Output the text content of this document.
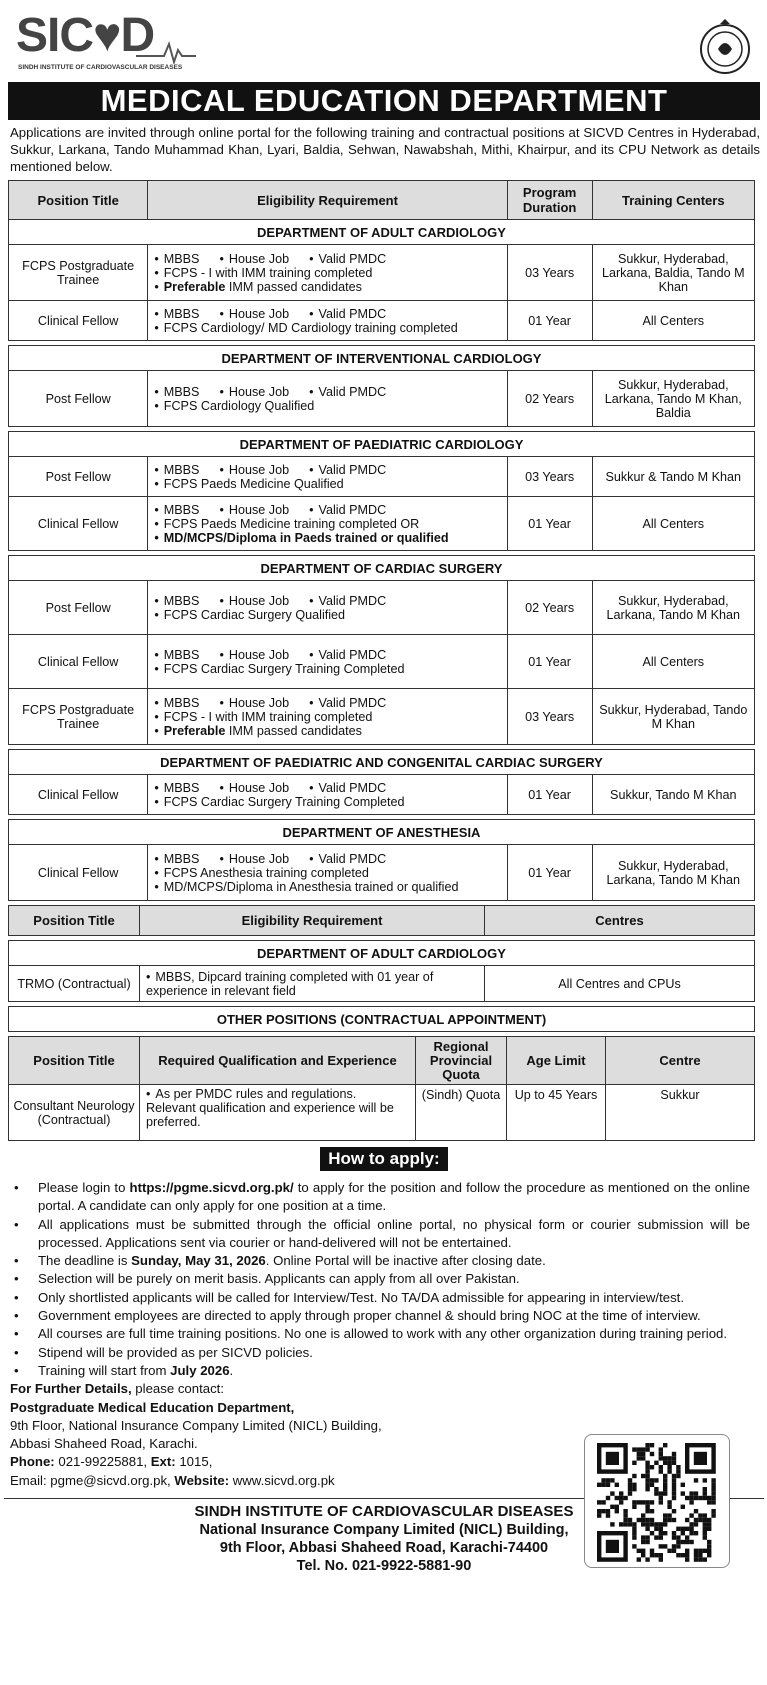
SIC♥D
SINDH INSTITUTE OF CARDIOVASCULAR DISEASES
MEDICAL EDUCATION DEPARTMENT
Applications are invited through online portal for the following training and contractual positions at SICVD Centres in Hyderabad, Sukkur, Larkana, Tando Muhammad Khan, Lyari, Baldia, Sehwan, Nawabshah, Mithi, Khairpur, and its CPU Network as details mentioned below.
Position Title	Eligibility Requirement	Program Duration	Training Centers
DEPARTMENT OF ADULT CARDIOLOGY			
FCPS Postgraduate Trainee	• MBBS • House Job • Valid PMDC
• FCPS - I with IMM training completed
• Preferable IMM passed candidates	03 Years	Sukkur, Hyderabad, Larkana, Baldia, Tando M Khan
Clinical Fellow	• MBBS • House Job • Valid PMDC
• FCPS Cardiology/ MD Cardiology training completed	01 Year	All Centers

DEPARTMENT OF INTERVENTIONAL CARDIOLOGY			
Post Fellow	• MBBS • House Job • Valid PMDC
• FCPS Cardiology Qualified	02 Years	Sukkur, Hyderabad, Larkana, Tando M Khan, Baldia

DEPARTMENT OF PAEDIATRIC CARDIOLOGY			
Post Fellow	• MBBS • House Job • Valid PMDC
• FCPS Paeds Medicine Qualified	03 Years	Sukkur & Tando M Khan
Clinical Fellow	• MBBS • House Job • Valid PMDC
• FCPS Paeds Medicine training completed OR
• MD/MCPS/Diploma in Paeds trained or qualified	01 Year	All Centers

DEPARTMENT OF CARDIAC SURGERY			
Post Fellow	• MBBS • House Job • Valid PMDC
• FCPS Cardiac Surgery Qualified	02 Years	Sukkur, Hyderabad, Larkana, Tando M Khan
Clinical Fellow	• MBBS • House Job • Valid PMDC
• FCPS Cardiac Surgery Training Completed	01 Year	All Centers
FCPS Postgraduate Trainee	• MBBS • House Job • Valid PMDC
• FCPS - I with IMM training completed
• Preferable IMM passed candidates	03 Years	Sukkur, Hyderabad, Tando M Khan

DEPARTMENT OF PAEDIATRIC AND CONGENITAL CARDIAC SURGERY			
Clinical Fellow	• MBBS • House Job • Valid PMDC
• FCPS Cardiac Surgery Training Completed	01 Year	Sukkur, Tando M Khan

DEPARTMENT OF ANESTHESIA			
Clinical Fellow	• MBBS • House Job • Valid PMDC
• FCPS Anesthesia training completed
• MD/MCPS/Diploma in Anesthesia trained or qualified	01 Year	Sukkur, Hyderabad, Larkana, Tando M Khan
Position Title	Eligibility Requirement	Centres

DEPARTMENT OF ADULT CARDIOLOGY		
TRMO (Contractual)	• MBBS, Dipcard training completed with 01 year of experience in relevant field	All Centres and CPUs

OTHER POSITIONS (CONTRACTUAL APPOINTMENT)		
Position Title	Required Qualification and Experience	Regional Provincial Quota	Age Limit	Centre
Consultant Neurology (Contractual)	• As per PMDC rules and regulations.
Relevant qualification and experience will be preferred.	(Sindh) Quota	Up to 45 Years	Sukkur
How to apply:
• Please login to https://pgme.sicvd.org.pk/ to apply for the position and follow the procedure as mentioned on the online portal. A candidate can only apply for one position at a time.
• All applications must be submitted through the official online portal, no physical form or courier submission will be processed. Applications sent via courier or hand-delivered will not be entertained.
• The deadline is Sunday, May 31, 2026. Online Portal will be inactive after closing date.
• Selection will be purely on merit basis. Applicants can apply from all over Pakistan.
• Only shortlisted applicants will be called for Interview/Test. No TA/DA admissible for appearing in interview/test.
• Government employees are directed to apply through proper channel & should bring NOC at the time of interview.
• All courses are full time training positions. No one is allowed to work with any other organization during training period.
• Stipend will be provided as per SICVD policies.
• Training will start from July 2026.
For Further Details, please contact:
Postgraduate Medical Education Department,
9th Floor, National Insurance Company Limited (NICL) Building,
Abbasi Shaheed Road, Karachi.
Phone: 021-99225881, Ext: 1015,
Email: pgme@sicvd.org.pk, Website: www.sicvd.org.pk
SINDH INSTITUTE OF CARDIOVASCULAR DISEASES
National Insurance Company Limited (NICL) Building,
9th Floor, Abbasi Shaheed Road, Karachi-74400
Tel. No. 021-9922-5881-90
